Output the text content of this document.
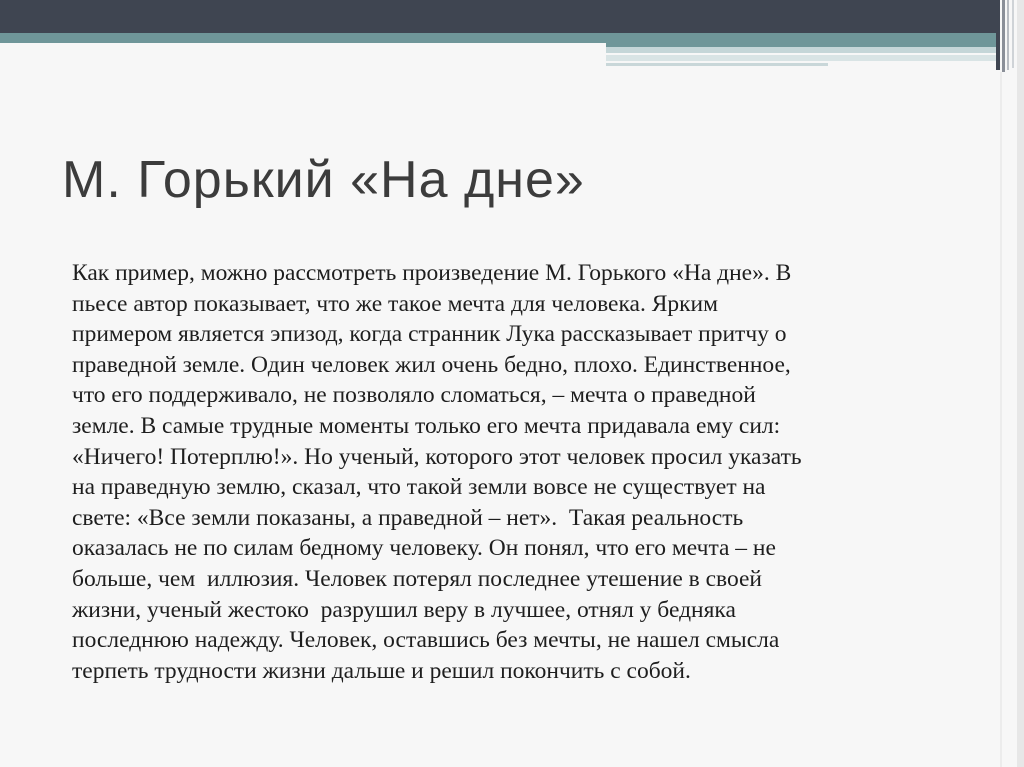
М. Горький «На дне»
Как пример, можно рассмотреть произведение М. Горького «На дне». В
пьесе автор показывает, что же такое мечта для человека. Ярким
примером является эпизод, когда странник Лука рассказывает притчу о
праведной земле. Один человек жил очень бедно, плохо. Единственное,
что его поддерживало, не позволяло сломаться, – мечта о праведной
земле. В самые трудные моменты только его мечта придавала ему сил:
«Ничего! Потерплю!». Но ученый, которого этот человек просил указать
на праведную землю, сказал, что такой земли вовсе не существует на
свете: «Все земли показаны, а праведной – нет».  Такая реальность
оказалась не по силам бедному человеку. Он понял, что его мечта – не
больше, чем  иллюзия. Человек потерял последнее утешение в своей
жизни, ученый жестоко  разрушил веру в лучшее, отнял у бедняка
последнюю надежду. Человек, оставшись без мечты, не нашел смысла
терпеть трудности жизни дальше и решил покончить с собой.
